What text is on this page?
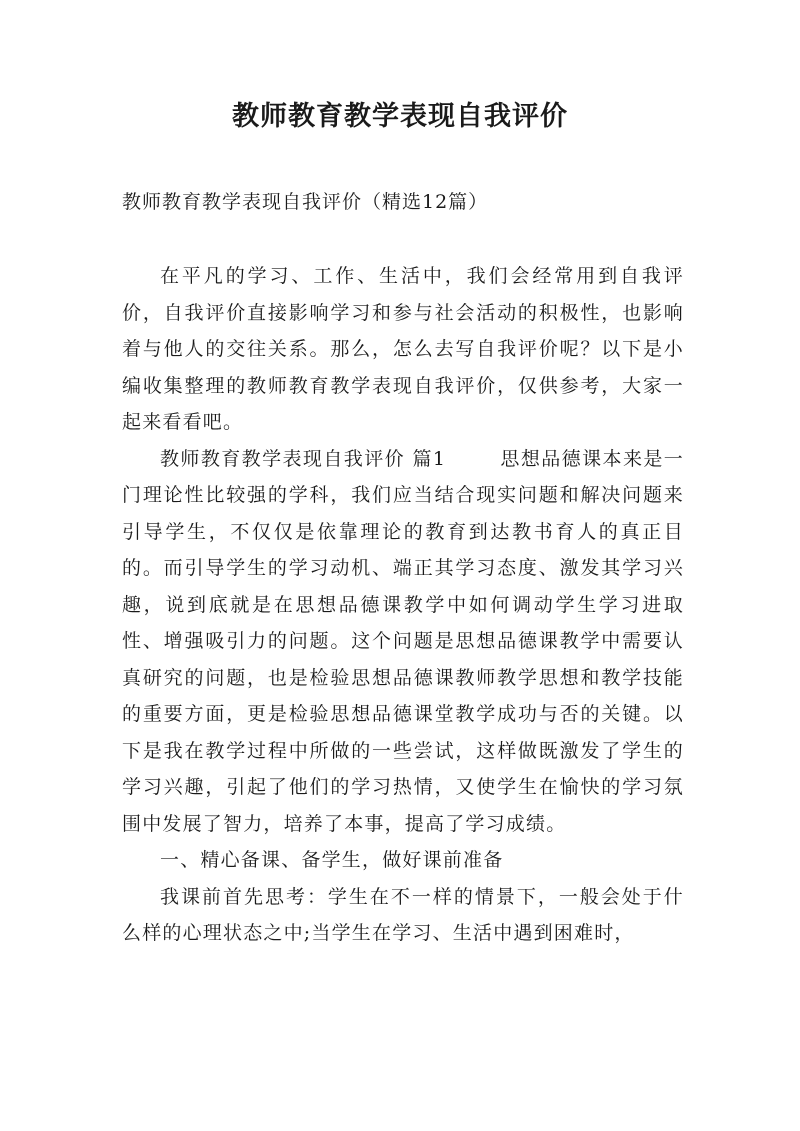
教师教育教学表现自我评价

教师教育教学表现自我评价（精选12篇）

在平凡的学习、工作、生活中，我们会经常用到自我评价，自我评价直接影响学习和参与社会活动的积极性，也影响着与他人的交往关系。那么，怎么去写自我评价呢？以下是小编收集整理的教师教育教学表现自我评价，仅供参考，大家一起来看看吧。

教师教育教学表现自我评价 篇1	思想品德课本来是一门理论性比较强的学科，我们应当结合现实问题和解决问题来引导学生，不仅仅是依靠理论的教育到达教书育人的真正目的。而引导学生的学习动机、端正其学习态度、激发其学习兴趣，说到底就是在思想品德课教学中如何调动学生学习进取性、增强吸引力的问题。这个问题是思想品德课教学中需要认真研究的问题，也是检验思想品德课教师教学思想和教学技能的重要方面，更是检验思想品德课堂教学成功与否的关键。以下是我在教学过程中所做的一些尝试，这样做既激发了学生的学习兴趣，引起了他们的学习热情，又使学生在愉快的学习氛围中发展了智力，培养了本事，提高了学习成绩。

一、精心备课、备学生，做好课前准备

我课前首先思考：学生在不一样的情景下，一般会处于什么样的心理状态之中;当学生在学习、生活中遇到困难时，
